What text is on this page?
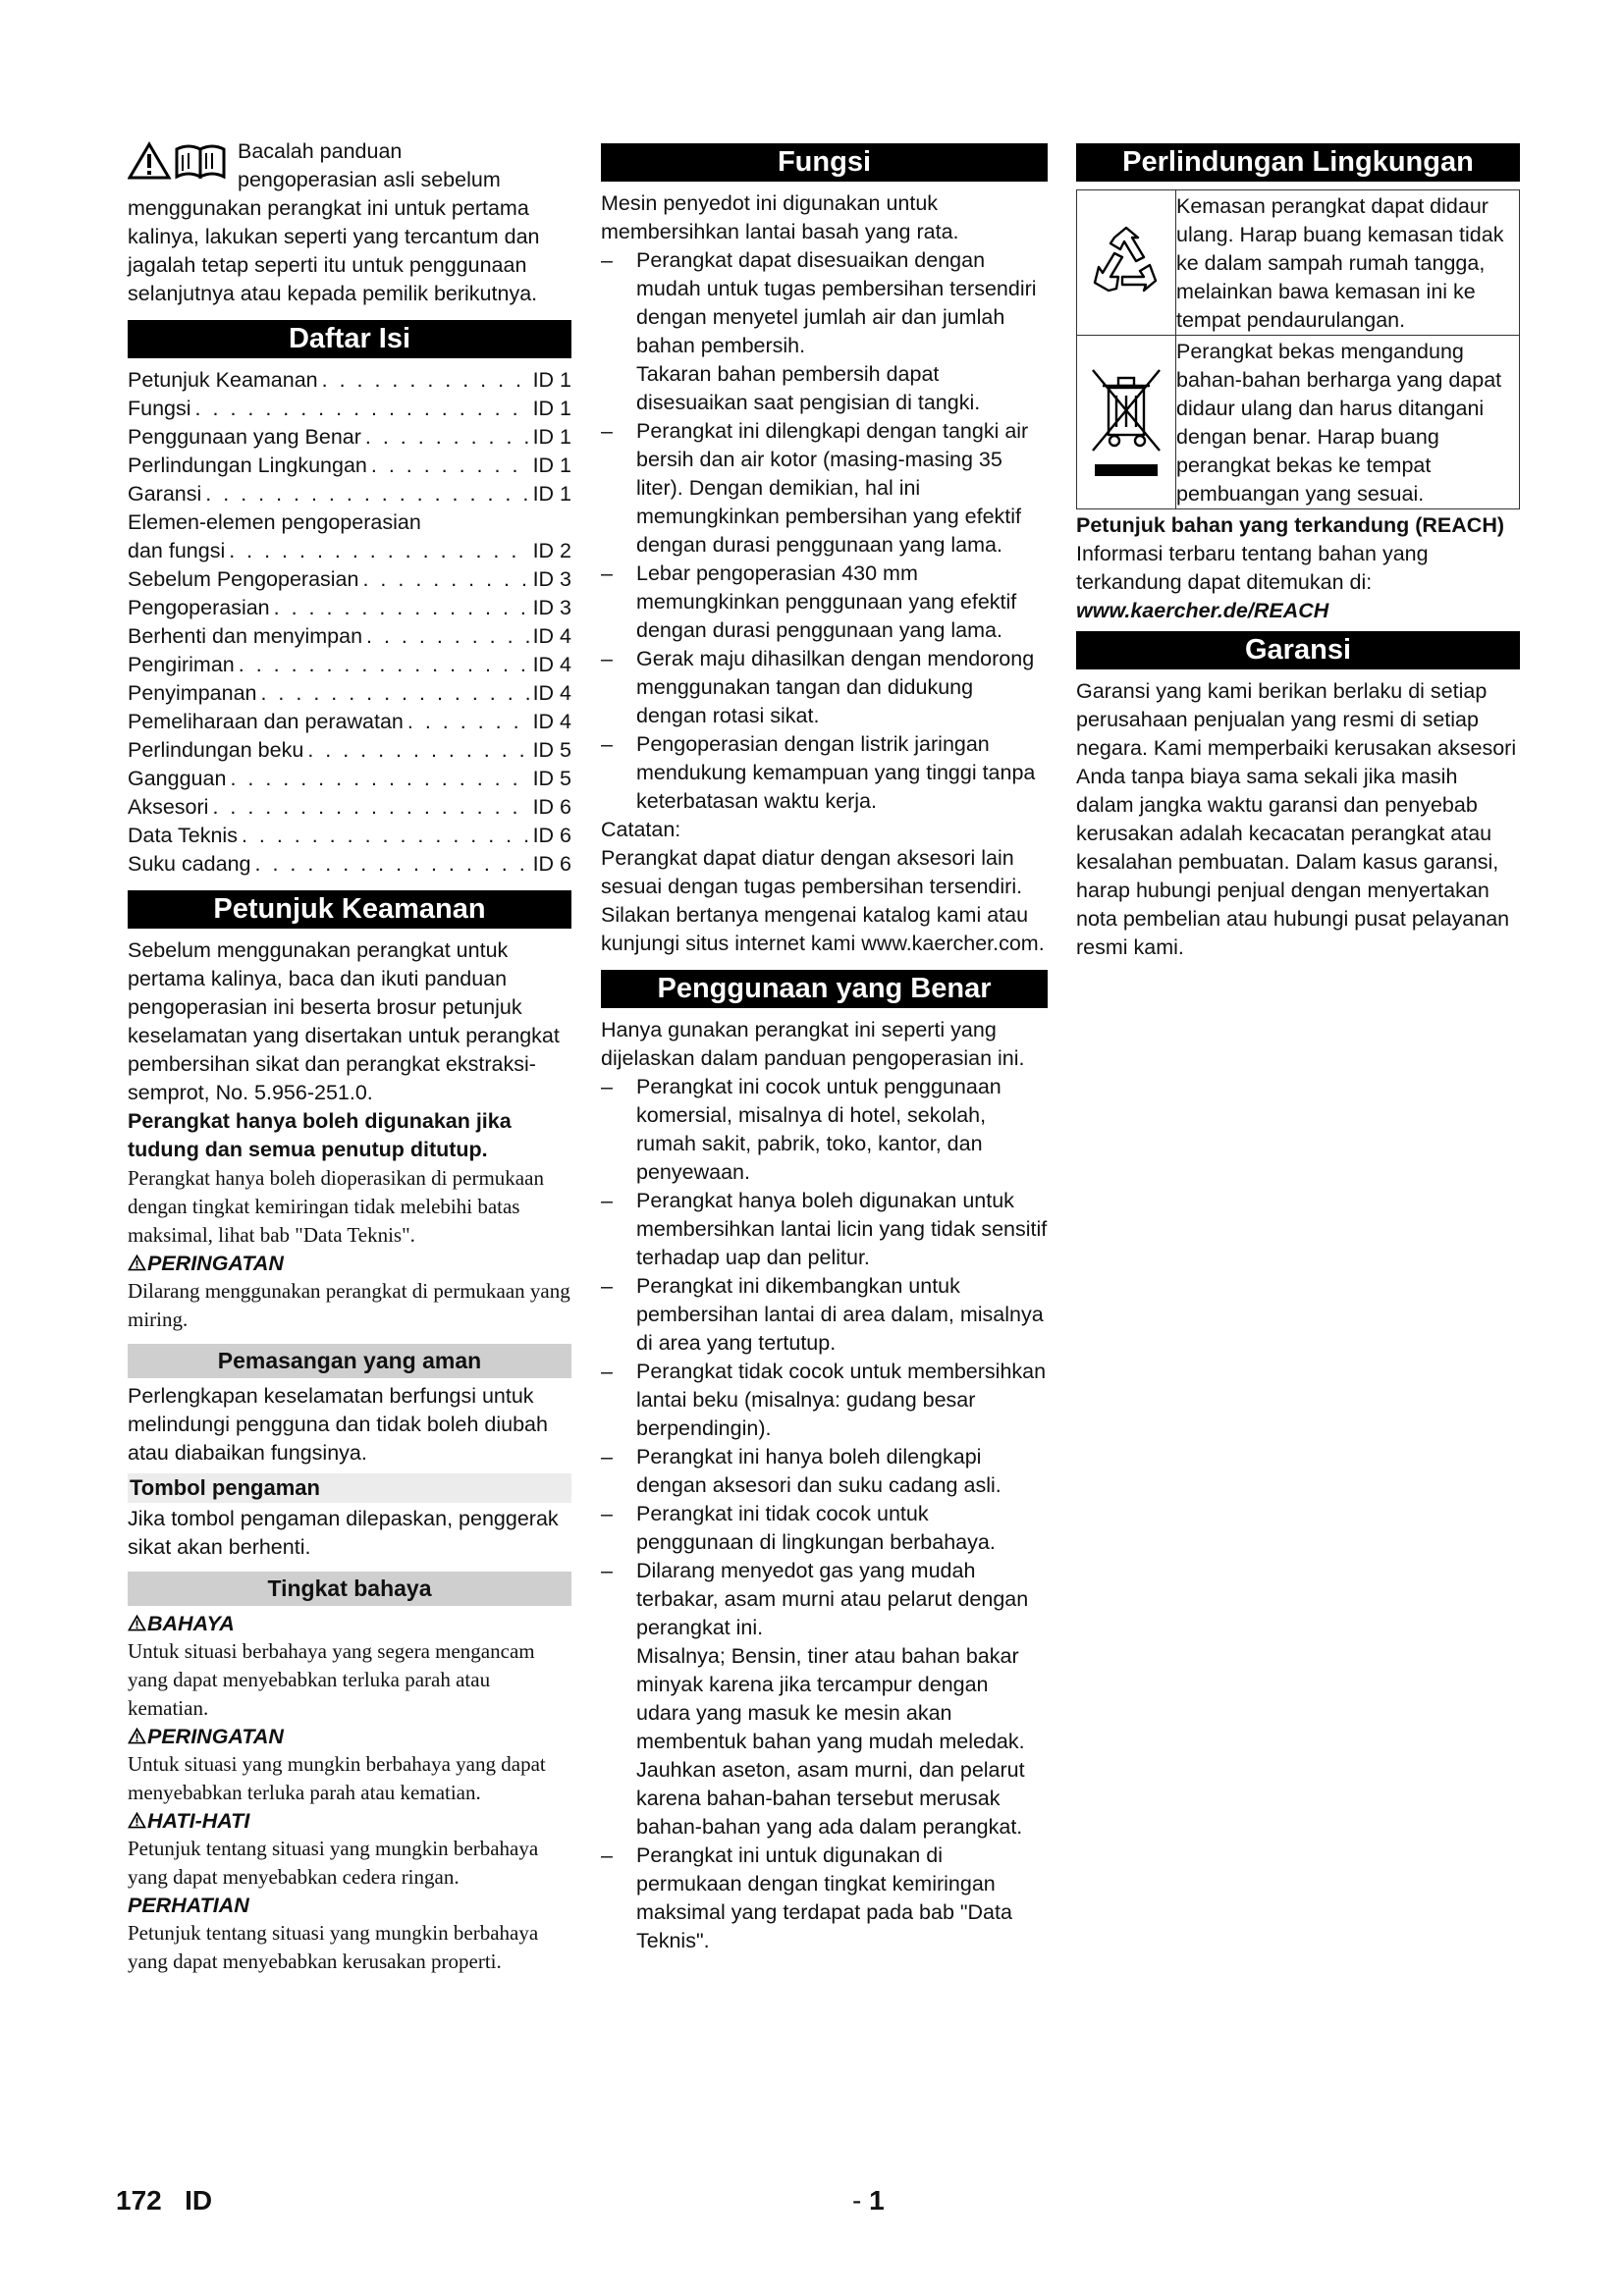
Bacalah panduan

pengoperasian asli sebelum

menggunakan perangkat ini untuk pertama kalinya, lakukan seperti yang tercantum dan jagalah tetap seperti itu untuk penggunaan selanjutnya atau kepada pemilik berikutnya.

Daftar Isi
Petunjuk Keamanan . . .	ID 1
Fungsi . . .	ID 1
Penggunaan yang Benar . . .	ID 1
Perlindungan Lingkungan . . .	ID 1
Garansi . . .	ID 1
Elemen-elemen pengoperasian
dan fungsi . . .	ID 2
Sebelum Pengoperasian . . .	ID 3
Pengoperasian . . .	ID 3
Berhenti dan menyimpan . . .	ID 4
Pengiriman . . .	ID 4
Penyimpanan . . .	ID 4
Pemeliharaan dan perawatan . . .	ID 4
Perlindungan beku . . .	ID 5
Gangguan . . .	ID 5
Aksesori . . .	ID 6
Data Teknis . . .	ID 6
Suku cadang . . .	ID 6
Petunjuk Keamanan

Sebelum menggunakan perangkat untuk pertama kalinya, baca dan ikuti panduan pengoperasian ini beserta brosur petunjuk keselamatan yang disertakan untuk perangkat pembersihan sikat dan perangkat ekstraksi-semprot, No. 5.956-251.0.

Perangkat hanya boleh digunakan jika tudung dan semua penutup ditutup.

Perangkat hanya boleh dioperasikan di permukaan dengan tingkat kemiringan tidak melebihi batas maksimal, lihat bab "Data Teknis".

PERINGATAN

Dilarang menggunakan perangkat di permukaan yang miring.

Pemasangan yang aman

Perlengkapan keselamatan berfungsi untuk melindungi pengguna dan tidak boleh diubah atau diabaikan fungsinya.

Tombol pengaman

Jika tombol pengaman dilepaskan, penggerak sikat akan berhenti.

Tingkat bahaya

BAHAYA

Untuk situasi berbahaya yang segera mengancam yang dapat menyebabkan terluka parah atau kematian.

PERINGATAN

Untuk situasi yang mungkin berbahaya yang dapat menyebabkan terluka parah atau kematian.

HATI-HATI

Petunjuk tentang situasi yang mungkin berbahaya yang dapat menyebabkan cedera ringan.

PERHATIAN

Petunjuk tentang situasi yang mungkin berbahaya yang dapat menyebabkan kerusakan properti.

Fungsi

Mesin penyedot ini digunakan untuk membersihkan lantai basah yang rata.

– Perangkat dapat disesuaikan dengan mudah untuk tugas pembersihan tersendiri dengan menyetel jumlah air dan jumlah bahan pembersih.
Takaran bahan pembersih dapat disesuaikan saat pengisian di tangki.
– Perangkat ini dilengkapi dengan tangki air bersih dan air kotor (masing-masing 35 liter). Dengan demikian, hal ini memungkinkan pembersihan yang efektif dengan durasi penggunaan yang lama.
– Lebar pengoperasian 430 mm memungkinkan penggunaan yang efektif dengan durasi penggunaan yang lama.
– Gerak maju dihasilkan dengan mendorong menggunakan tangan dan didukung dengan rotasi sikat.
– Pengoperasian dengan listrik jaringan mendukung kemampuan yang tinggi tanpa keterbatasan waktu kerja.

Catatan:

Perangkat dapat diatur dengan aksesori lain sesuai dengan tugas pembersihan tersendiri.

Silakan bertanya mengenai katalog kami atau kunjungi situs internet kami www.kaercher.com.

Penggunaan yang Benar

Hanya gunakan perangkat ini seperti yang dijelaskan dalam panduan pengoperasian ini.

– Perangkat ini cocok untuk penggunaan komersial, misalnya di hotel, sekolah, rumah sakit, pabrik, toko, kantor, dan penyewaan.
– Perangkat hanya boleh digunakan untuk membersihkan lantai licin yang tidak sensitif terhadap uap dan pelitur.
– Perangkat ini dikembangkan untuk pembersihan lantai di area dalam, misalnya di area yang tertutup.
– Perangkat tidak cocok untuk membersihkan lantai beku (misalnya: gudang besar berpendingin).
– Perangkat ini hanya boleh dilengkapi dengan aksesori dan suku cadang asli.
– Perangkat ini tidak cocok untuk penggunaan di lingkungan berbahaya.
– Dilarang menyedot gas yang mudah terbakar, asam murni atau pelarut dengan perangkat ini.
Misalnya; Bensin, tiner atau bahan bakar minyak karena jika tercampur dengan udara yang masuk ke mesin akan membentuk bahan yang mudah meledak. Jauhkan aseton, asam murni, dan pelarut karena bahan-bahan tersebut merusak bahan-bahan yang ada dalam perangkat.
– Perangkat ini untuk digunakan di permukaan dengan tingkat kemiringan maksimal yang terdapat pada bab "Data Teknis".
Perlindungan Lingkungan
Kemasan perangkat dapat didaur ulang. Harap buang kemasan tidak ke dalam sampah rumah tangga, melainkan bawa kemasan ini ke tempat pendaurulangan.
Perangkat bekas mengandung bahan-bahan berharga yang dapat didaur ulang dan harus ditangani dengan benar. Harap buang perangkat bekas ke tempat pembuangan yang sesuai.

Petunjuk bahan yang terkandung (REACH)

Informasi terbaru tentang bahan yang terkandung dapat ditemukan di:

www.kaercher.de/REACH

Garansi

Garansi yang kami berikan berlaku di setiap perusahaan penjualan yang resmi di setiap negara. Kami memperbaiki kerusakan aksesori Anda tanpa biaya sama sekali jika masih dalam jangka waktu garansi dan penyebab kerusakan adalah kecacatan perangkat atau kesalahan pembuatan. Dalam kasus garansi, harap hubungi penjual dengan menyertakan nota pembelian atau hubungi pusat pelayanan resmi kami.

172 ID	- 1
